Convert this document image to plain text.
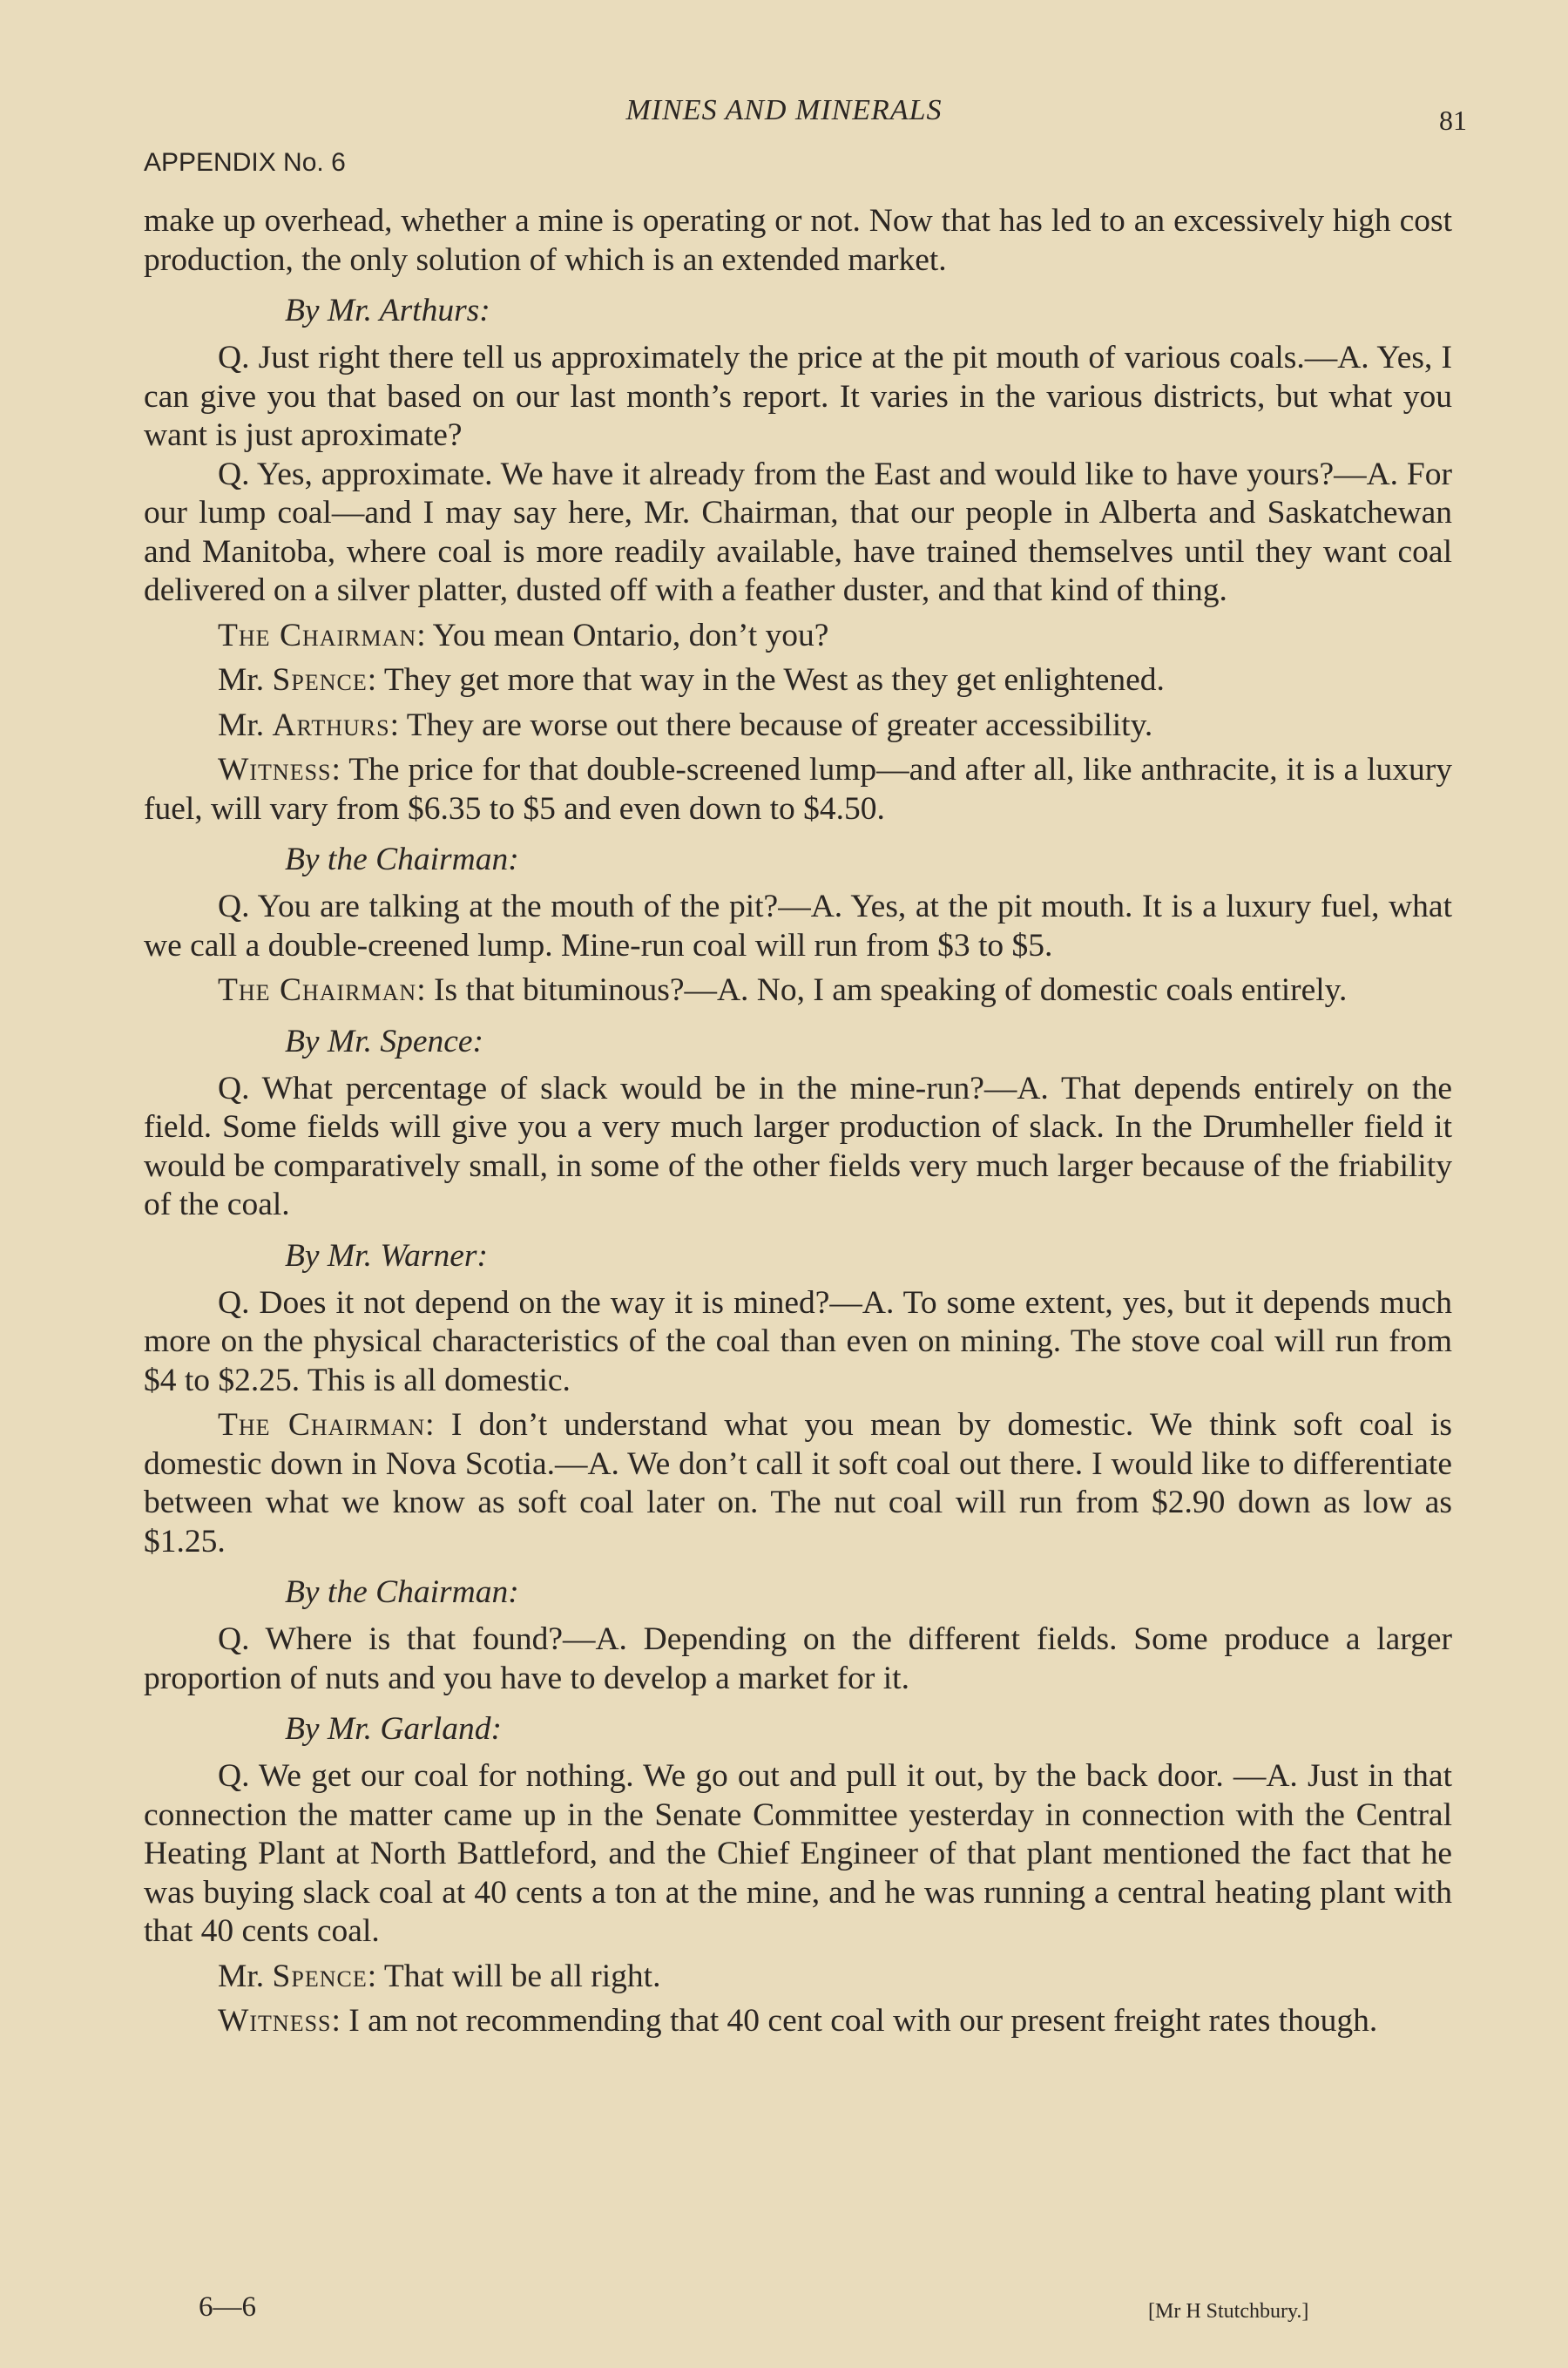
MINES AND MINERALS	81
APPENDIX No. 6

make up overhead, whether a mine is operating or not. Now that has led to an excessively high cost production, the only solution of which is an extended market.

By Mr. Arthurs:

Q. Just right there tell us approximately the price at the pit mouth of various coals.—A. Yes, I can give you that based on our last month’s report. It varies in the various districts, but what you want is just aproximate?

Q. Yes, approximate. We have it already from the East and would like to have yours?—A. For our lump coal—and I may say here, Mr. Chairman, that our people in Alberta and Saskatchewan and Manitoba, where coal is more readily available, have trained themselves until they want coal delivered on a silver platter, dusted off with a feather duster, and that kind of thing.

The Chairman: You mean Ontario, don’t you?

Mr. Spence: They get more that way in the West as they get enlightened.

Mr. Arthurs: They are worse out there because of greater accessibility.

Witness: The price for that double-screened lump—and after all, like anthracite, it is a luxury fuel, will vary from $6.35 to $5 and even down to $4.50.

By the Chairman:

Q. You are talking at the mouth of the pit?—A. Yes, at the pit mouth. It is a luxury fuel, what we call a double-creened lump. Mine-run coal will run from $3 to $5.

The Chairman: Is that bituminous?—A. No, I am speaking of domestic coals entirely.

By Mr. Spence:

Q. What percentage of slack would be in the mine-run?—A. That depends entirely on the field. Some fields will give you a very much larger production of slack. In the Drumheller field it would be comparatively small, in some of the other fields very much larger because of the friability of the coal.

By Mr. Warner:

Q. Does it not depend on the way it is mined?—A. To some extent, yes, but it depends much more on the physical characteristics of the coal than even on mining. The stove coal will run from $4 to $2.25. This is all domestic.

The Chairman: I don’t understand what you mean by domestic. We think soft coal is domestic down in Nova Scotia.—A. We don’t call it soft coal out there. I would like to differentiate between what we know as soft coal later on. The nut coal will run from $2.90 down as low as $1.25.

By the Chairman:

Q. Where is that found?—A. Depending on the different fields. Some produce a larger proportion of nuts and you have to develop a market for it.

By Mr. Garland:

Q. We get our coal for nothing. We go out and pull it out, by the back door. —A. Just in that connection the matter came up in the Senate Committee yesterday in connection with the Central Heating Plant at North Battleford, and the Chief Engineer of that plant mentioned the fact that he was buying slack coal at 40 cents a ton at the mine, and he was running a central heating plant with that 40 cents coal.

Mr. Spence: That will be all right.

Witness: I am not recommending that 40 cent coal with our present freight rates though.

6—6	[Mr H Stutchbury.]
